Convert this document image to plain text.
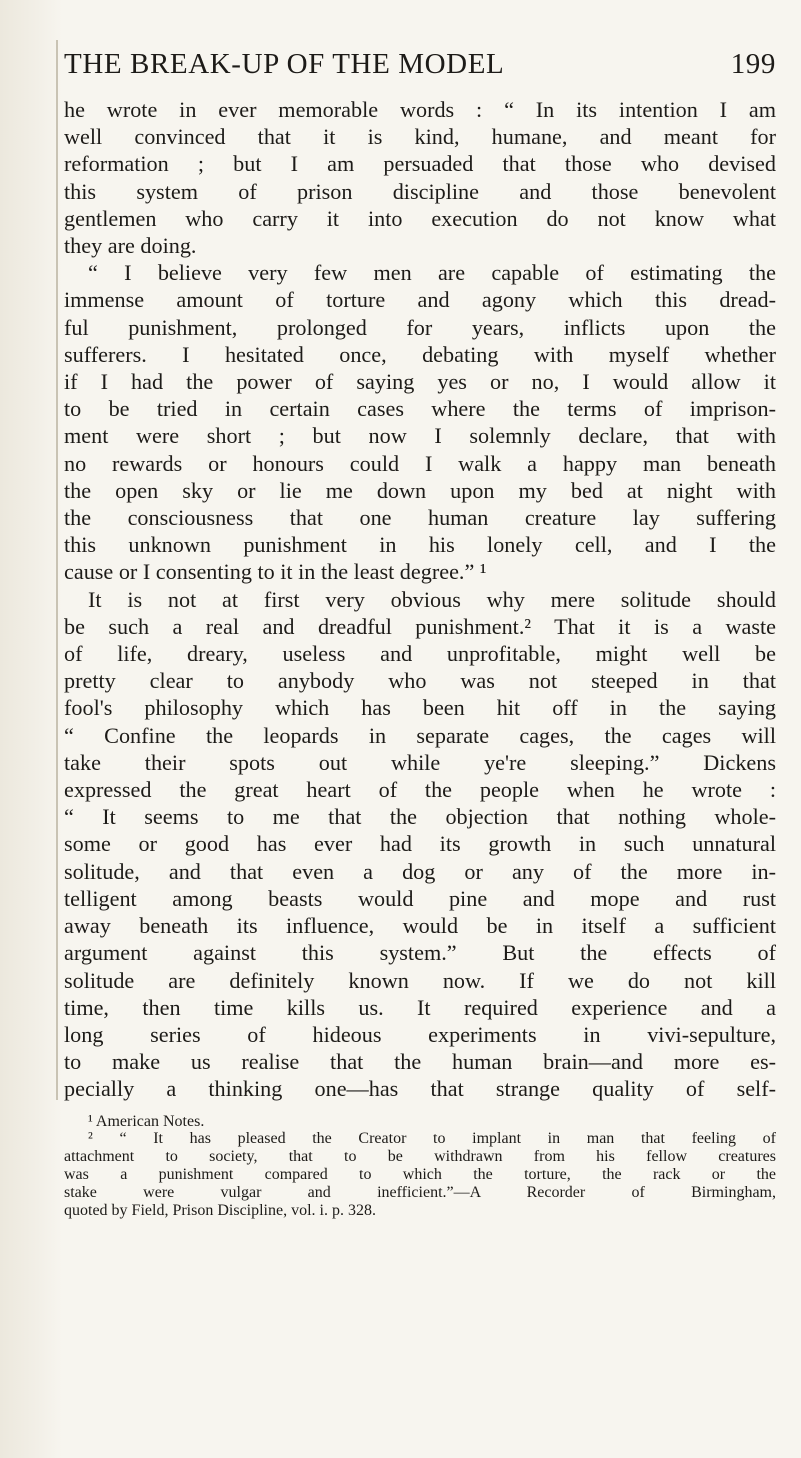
THE BREAK-UP OF THE MODEL	199
he wrote in ever memorable words : “ In its intention I am
well convinced that it is kind, humane, and meant for
reformation ; but I am persuaded that those who devised
this system of prison discipline and those benevolent
gentlemen who carry it into execution do not know what
they are doing.
“ I believe very few men are capable of estimating the
immense amount of torture and agony which this dread-
ful punishment, prolonged for years, inflicts upon the
sufferers. I hesitated once, debating with myself whether
if I had the power of saying yes or no, I would allow it
to be tried in certain cases where the terms of imprison-
ment were short ; but now I solemnly declare, that with
no rewards or honours could I walk a happy man beneath
the open sky or lie me down upon my bed at night with
the consciousness that one human creature lay suffering
this unknown punishment in his lonely cell, and I the
cause or I consenting to it in the least degree.” ¹
It is not at first very obvious why mere solitude should
be such a real and dreadful punishment.² That it is a waste
of life, dreary, useless and unprofitable, might well be
pretty clear to anybody who was not steeped in that
fool's philosophy which has been hit off in the saying
“ Confine the leopards in separate cages, the cages will
take their spots out while ye're sleeping.” Dickens
expressed the great heart of the people when he wrote :
“ It seems to me that the objection that nothing whole-
some or good has ever had its growth in such unnatural
solitude, and that even a dog or any of the more in-
telligent among beasts would pine and mope and rust
away beneath its influence, would be in itself a sufficient
argument against this system.” But the effects of
solitude are definitely known now. If we do not kill
time, then time kills us. It required experience and a
long series of hideous experiments in vivi-sepulture,
to make us realise that the human brain—and more es-
pecially a thinking one—has that strange quality of self-
¹ American Notes.
² “ It has pleased the Creator to implant in man that feeling of
attachment to society, that to be withdrawn from his fellow creatures
was a punishment compared to which the torture, the rack or the
stake were vulgar and inefficient.”—A Recorder of Birmingham,
quoted by Field, Prison Discipline, vol. i. p. 328.
